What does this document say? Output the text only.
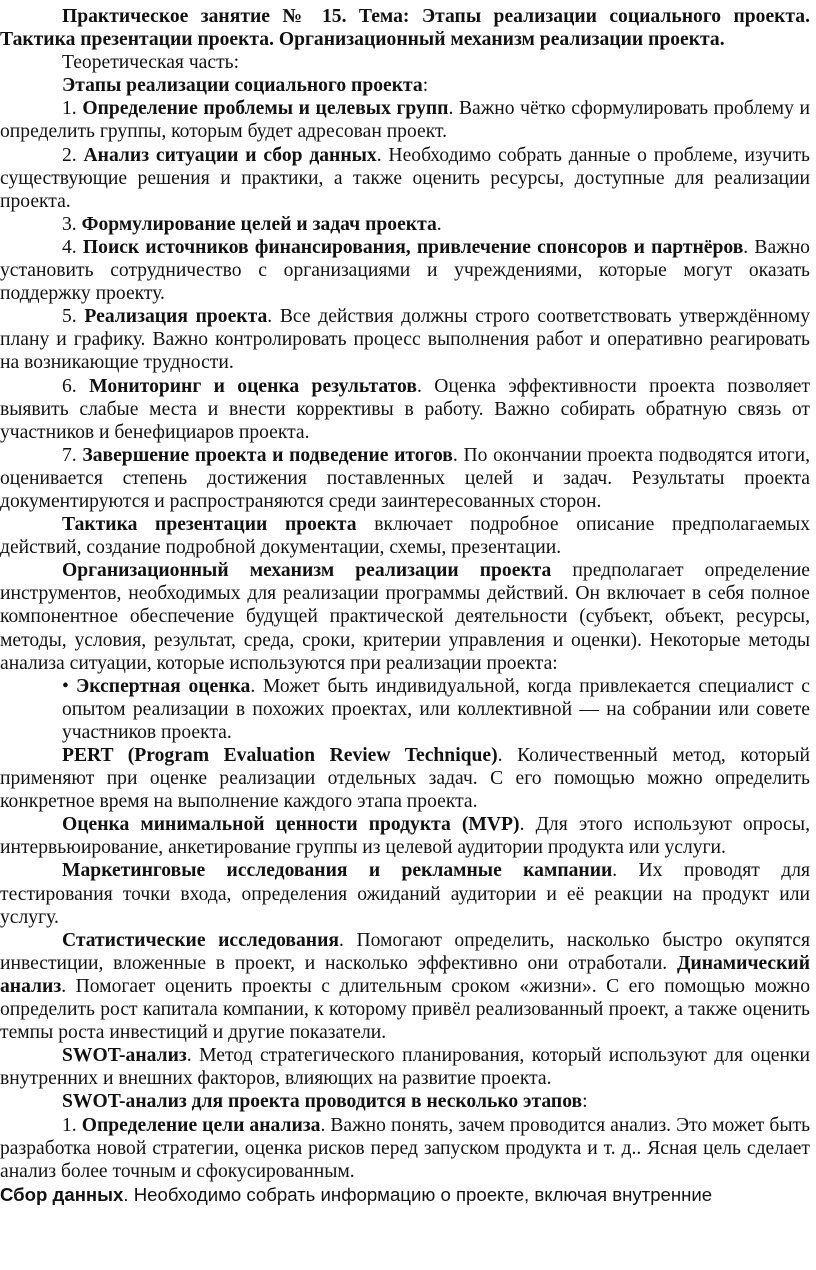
Практическое занятие № 15. Тема: Этапы реализации социального проекта. Тактика презентации проекта. Организационный механизм реализации проекта.

Теоретическая часть:

Этапы реализации социального проекта:

1. Определение проблемы и целевых групп. Важно чётко сформулировать проблему и определить группы, которым будет адресован проект.

2. Анализ ситуации и сбор данных. Необходимо собрать данные о проблеме, изучить существующие решения и практики, а также оценить ресурсы, доступные для реализации проекта.

3. Формулирование целей и задач проекта.

4. Поиск источников финансирования, привлечение спонсоров и партнёров. Важно установить сотрудничество с организациями и учреждениями, которые могут оказать поддержку проекту.

5. Реализация проекта. Все действия должны строго соответствовать утверждённому плану и графику. Важно контролировать процесс выполнения работ и оперативно реагировать на возникающие трудности.

6. Мониторинг и оценка результатов. Оценка эффективности проекта позволяет выявить слабые места и внести коррективы в работу. Важно собирать обратную связь от участников и бенефициаров проекта.

7. Завершение проекта и подведение итогов. По окончании проекта подводятся итоги, оценивается степень достижения поставленных целей и задач. Результаты проекта документируются и распространяются среди заинтересованных сторон.

Тактика презентации проекта включает подробное описание предполагаемых действий, создание подробной документации, схемы, презентации.

Организационный механизм реализации проекта предполагает определение инструментов, необходимых для реализации программы действий. Он включает в себя полное компонентное обеспечение будущей практической деятельности (субъект, объект, ресурсы, методы, условия, результат, среда, сроки, критерии управления и оценки). Некоторые методы анализа ситуации, которые используются при реализации проекта:

• Экспертная оценка. Может быть индивидуальной, когда привлекается специалист с опытом реализации в похожих проектах, или коллективной — на собрании или совете участников проекта.

PERT (Program Evaluation Review Technique). Количественный метод, который применяют при оценке реализации отдельных задач. С его помощью можно определить конкретное время на выполнение каждого этапа проекта.

Оценка минимальной ценности продукта (MVP). Для этого используют опросы, интервьюирование, анкетирование группы из целевой аудитории продукта или услуги.

Маркетинговые исследования и рекламные кампании. Их проводят для тестирования точки входа, определения ожиданий аудитории и её реакции на продукт или услугу.

Статистические исследования. Помогают определить, насколько быстро окупятся инвестиции, вложенные в проект, и насколько эффективно они отработали. Динамический анализ. Помогает оценить проекты с длительным сроком «жизни». С его помощью можно определить рост капитала компании, к которому привёл реализованный проект, а также оценить темпы роста инвестиций и другие показатели.

SWOT-анализ. Метод стратегического планирования, который используют для оценки внутренних и внешних факторов, влияющих на развитие проекта.

SWOT-анализ для проекта проводится в несколько этапов:

1. Определение цели анализа. Важно понять, зачем проводится анализ. Это может быть разработка новой стратегии, оценка рисков перед запуском продукта и т. д.. Ясная цель сделает анализ более точным и сфокусированным.

Сбор данных. Необходимо собрать информацию о проекте, включая внутренние
